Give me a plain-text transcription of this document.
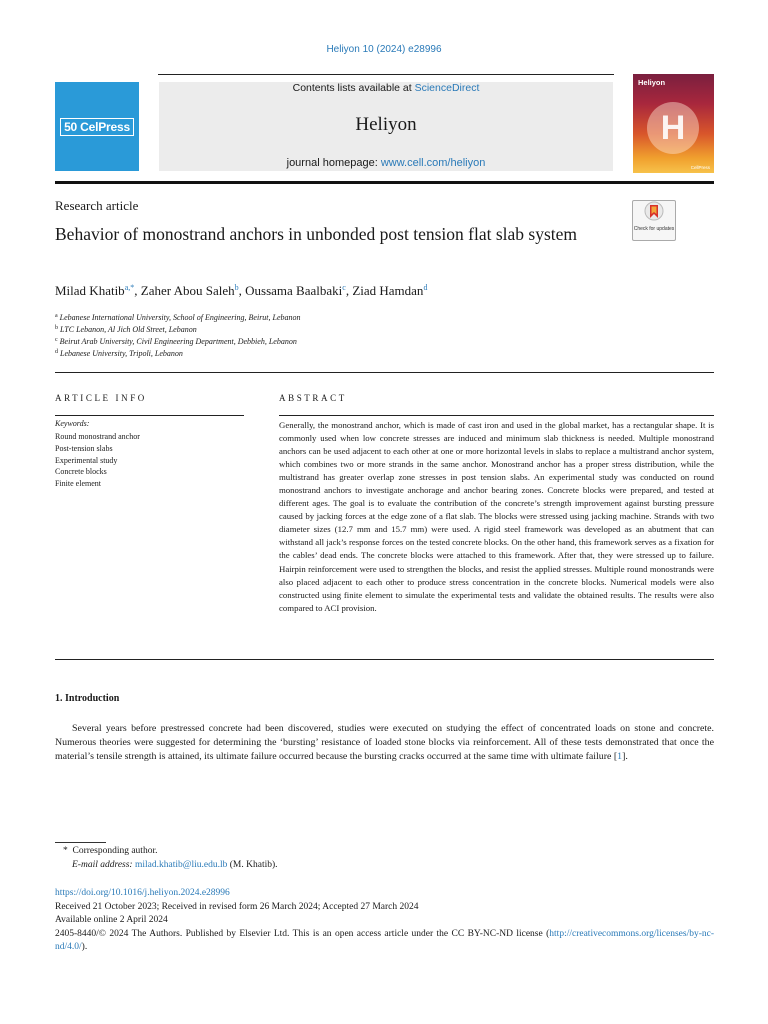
Heliyon 10 (2024) e28996
50 CelPress
Contents lists available at ScienceDirect
Heliyon
journal homepage: www.cell.com/heliyon
Heliyon
H
CellPress
Research article
Check for updates
Behavior of monostrand anchors in unbonded post tension flat slab system
Milad Khatib$^{a,*}$, Zaher Abou Saleh$^b$, Oussama Baalbaki$^c$, Ziad Hamdan$^d$
$^a$ Lebanese International University, School of Engineering, Beirut, Lebanon
$^b$ LTC Lebanon, Al Jich Old Street, Lebanon
$^c$ Beirut Arab University, Civil Engineering Department, Debbieh, Lebanon
$^d$ Lebanese University, Tripoli, Lebanon
ARTICLE INFO	ABSTRACT
Keywords:
Round monostrand anchor
Post-tension slabs
Experimental study
Concrete blocks
Finite element
Generally, the monostrand anchor, which is made of cast iron and used in the global market, has a rectangular shape. It is commonly used when low concrete stresses are induced and minimum slab thickness is needed. Multiple monostrand anchors can be used adjacent to each other at one or more horizontal levels in slabs to replace a multistrand anchor system, which combines two or more strands in the same anchor. Monostrand anchor has a proper stress distribution, while the multistrand has greater overlap zone stresses in post tension slabs. An experimental study was conducted on round monostrand anchors to investigate anchorage and anchor bearing zones. Concrete blocks were prepared, and tested at different ages. The goal is to evaluate the contribution of the concrete’s strength improvement against bursting pressure caused by jacking forces at the edge zone of a flat slab. The blocks were stressed using jacking machine. Strands with two diameter sizes (12.7 mm and 15.7 mm) were used. A rigid steel framework was developed as an abutment that can withstand all jack’s response forces on the tested concrete blocks. On the other hand, this framework serves as a fixation for the cables’ dead ends. The concrete blocks were attached to this framework. After that, they were stressed up to failure. Hairpin reinforcement were used to strengthen the blocks, and resist the applied stresses. Multiple round monostrands were also placed adjacent to each other to produce stress concentration in the concrete blocks. Numerical models were also constructed using finite element to simulate the experimental tests and validate the obtained results. The results were also compared to ACI provision.
1. Introduction
Several years before prestressed concrete had been discovered, studies were executed on studying the effect of concentrated loads on stone and concrete. Numerous theories were suggested for determining the ‘bursting’ resistance of loaded stone blocks via reinforcement. All of these tests demonstrated that once the material’s tensile strength is attained, its ultimate failure occurred because the bursting cracks occurred at the same time with ultimate failure [1].
* Corresponding author.
E-mail address: milad.khatib@liu.edu.lb (M. Khatib).
https://doi.org/10.1016/j.heliyon.2024.e28996
Received 21 October 2023; Received in revised form 26 March 2024; Accepted 27 March 2024
Available online 2 April 2024
2405-8440/© 2024 The Authors. Published by Elsevier Ltd. This is an open access article under the CC BY-NC-ND license (http://creativecommons.org/licenses/by-nc-nd/4.0/).
